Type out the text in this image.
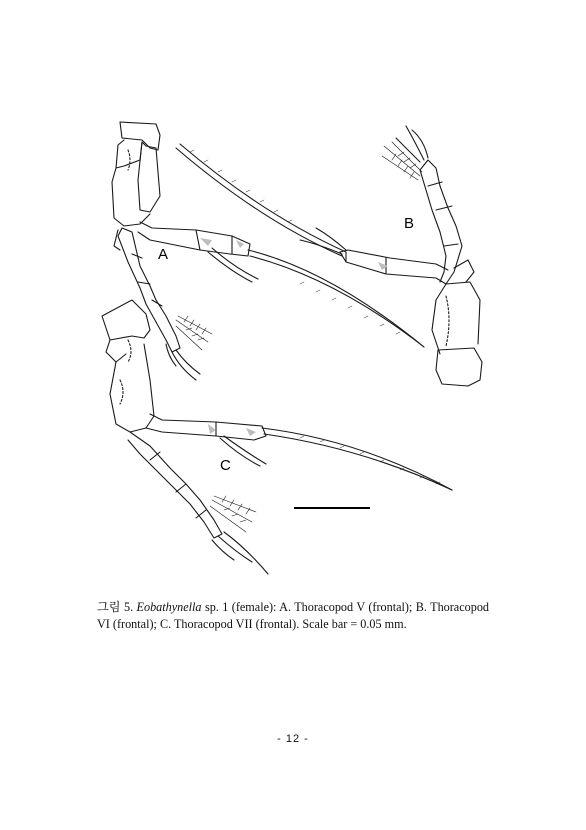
A
B
C
그림 5. Eobathynella sp. 1 (female): A. Thoracopod V (frontal); B. Thoracopod VI (frontal); C. Thoracopod VII (frontal). Scale bar = 0.05 mm.
- 12 -
